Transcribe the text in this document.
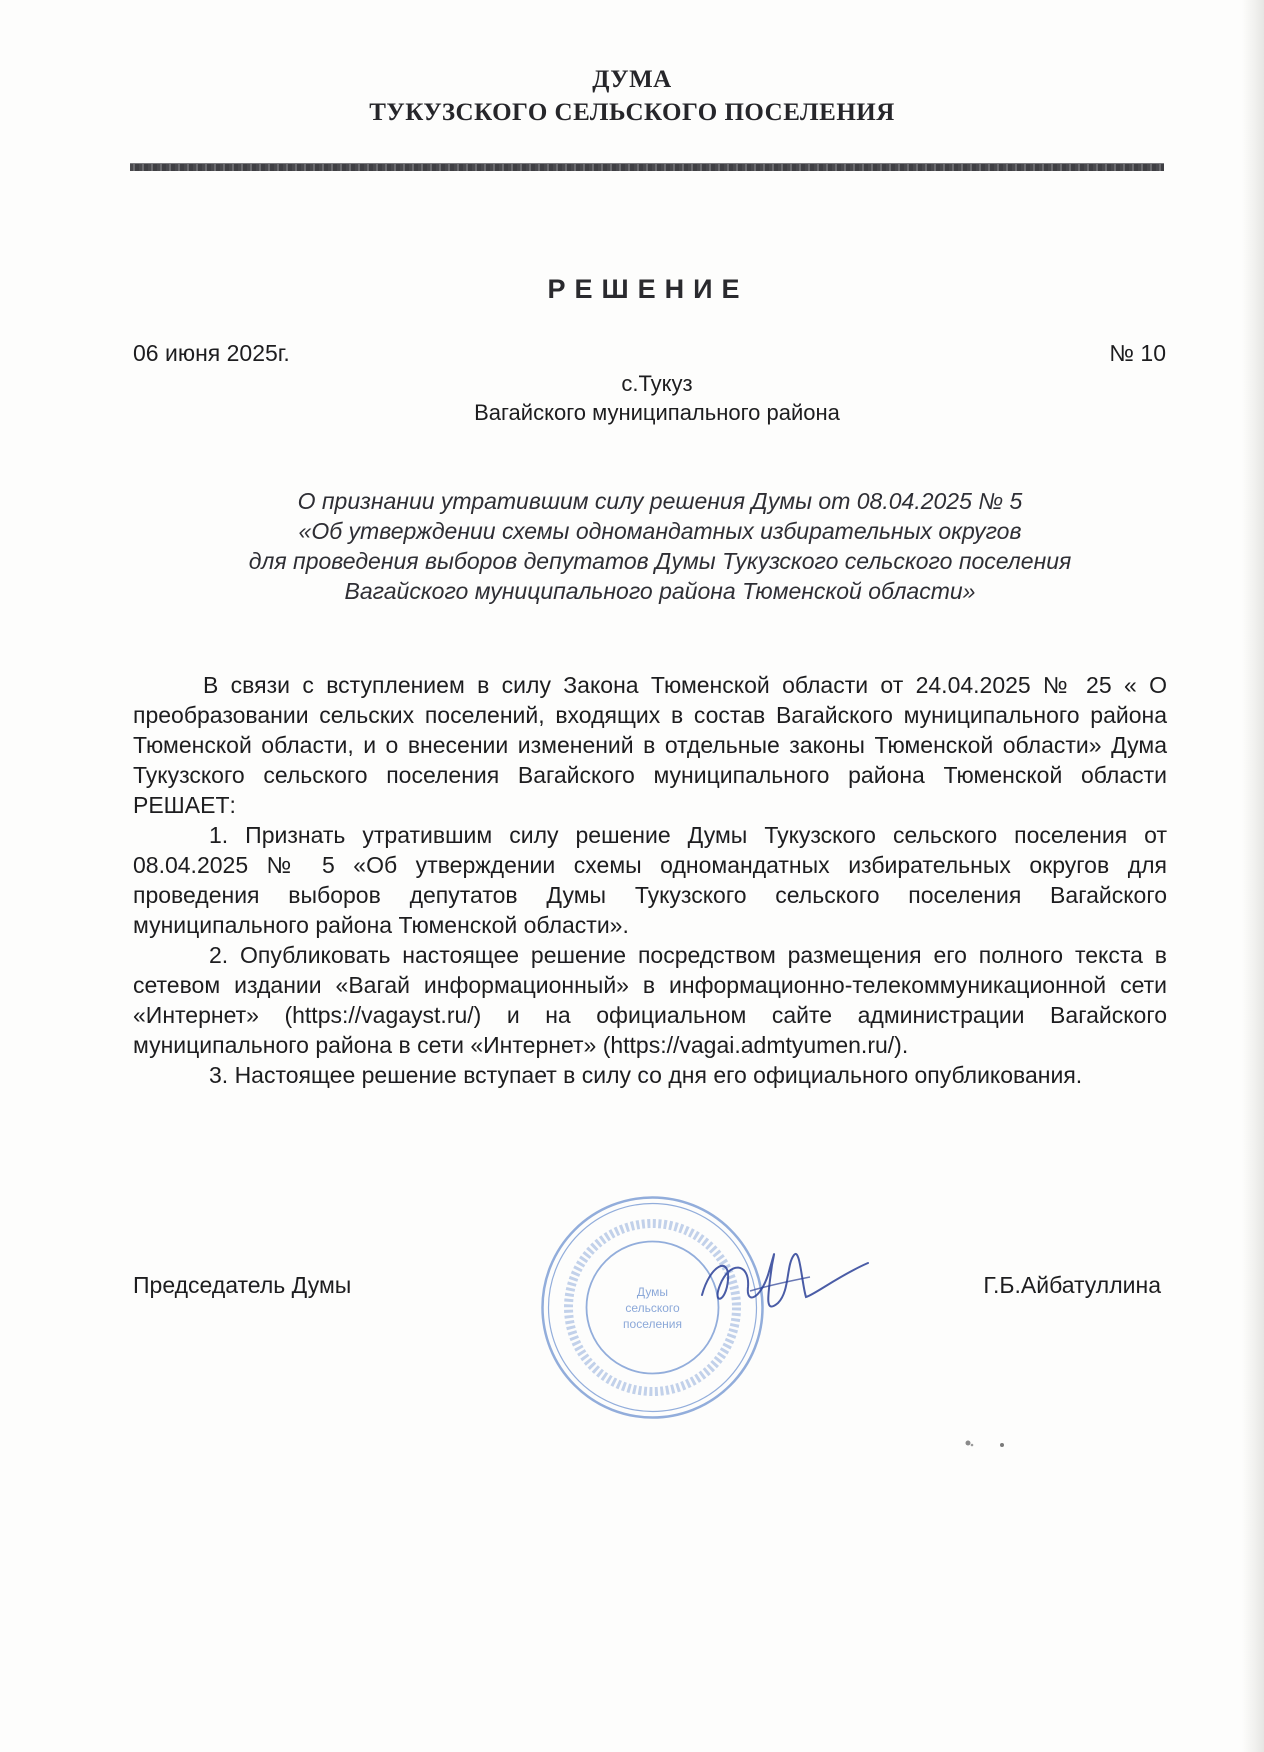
ДУМА
ТУКУЗСКОГО СЕЛЬСКОГО ПОСЕЛЕНИЯ
РЕШЕНИЕ
06 июня 2025г.	№ 10
с.Тукуз
Вагайского муниципального района
О признании утратившим силу решения Думы от 08.04.2025 № 5
«Об утверждении схемы одномандатных избирательных округов
для проведения выборов депутатов Думы Тукузского сельского поселения
Вагайского муниципального района Тюменской области»

В связи с вступлением в силу Закона Тюменской области от 24.04.2025 № 25 « О преобразовании сельских поселений, входящих в состав Вагайского муниципального района Тюменской области, и о внесении изменений в отдельные законы Тюменской области» Дума Тукузского сельского поселения Вагайского муниципального района Тюменской области РЕШАЕТ:

1. Признать утратившим силу решение Думы Тукузского сельского поселения от 08.04.2025 № 5 «Об утверждении схемы одномандатных избирательных округов для проведения выборов депутатов Думы Тукузского сельского поселения Вагайского муниципального района Тюменской области».

2. Опубликовать настоящее решение посредством размещения его полного текста в сетевом издании «Вагай информационный» в информационно-телекоммуникационной сети «Интернет» (https://vagayst.ru/) и на официальном сайте администрации Вагайского муниципального района в сети «Интернет» (https://vagai.admtyumen.ru/).

3. Настоящее решение вступает в силу со дня его официального опубликования.

Председатель Думы	Г.Б.Айбатуллина
Думы
сельского
поселения
